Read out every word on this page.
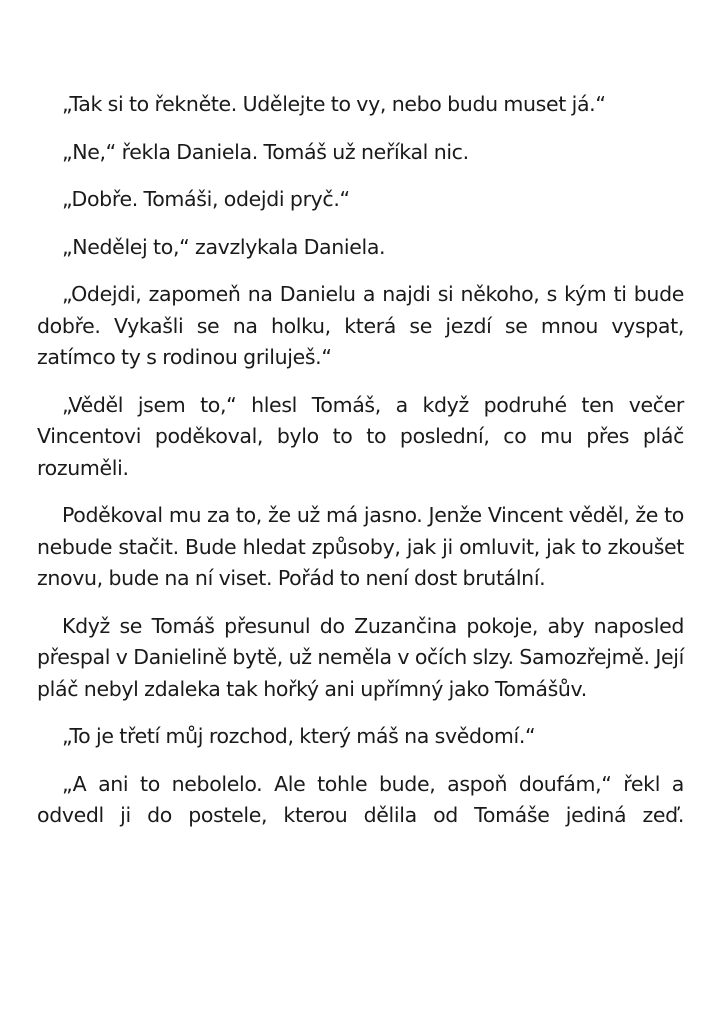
„Tak si to řekněte. Udělejte to vy, nebo budu muset já.“

„Ne,“ řekla Daniela. Tomáš už neříkal nic.

„Dobře. Tomáši, odejdi pryč.“

„Nedělej to,“ zavzlykala Daniela.

„Odejdi, zapomeň na Danielu a najdi si někoho, s kým ti bude dobře. Vykašli se na holku, která se jezdí se mnou vyspat, zatímco ty s rodinou griluješ.“

„Věděl jsem to,“ hlesl Tomáš, a když podruhé ten večer Vincentovi poděkoval, bylo to to poslední, co mu přes pláč rozuměli.

Poděkoval mu za to, že už má jasno. Jenže Vincent věděl, že to nebude stačit. Bude hledat způsoby, jak ji omluvit, jak to zkoušet znovu, bude na ní viset. Pořád to není dost brutální.

Když se Tomáš přesunul do Zuzančina pokoje, aby naposled přespal v Danielině bytě, už neměla v očích slzy. Samozřejmě. Její pláč nebyl zdaleka tak hořký ani upřímný jako Tomášův.

„To je třetí můj rozchod, který máš na svědomí.“

„A ani to nebolelo. Ale tohle bude, aspoň doufám,“ řekl a odvedl ji do postele, kterou dělila od Tomáše jediná zeď.
